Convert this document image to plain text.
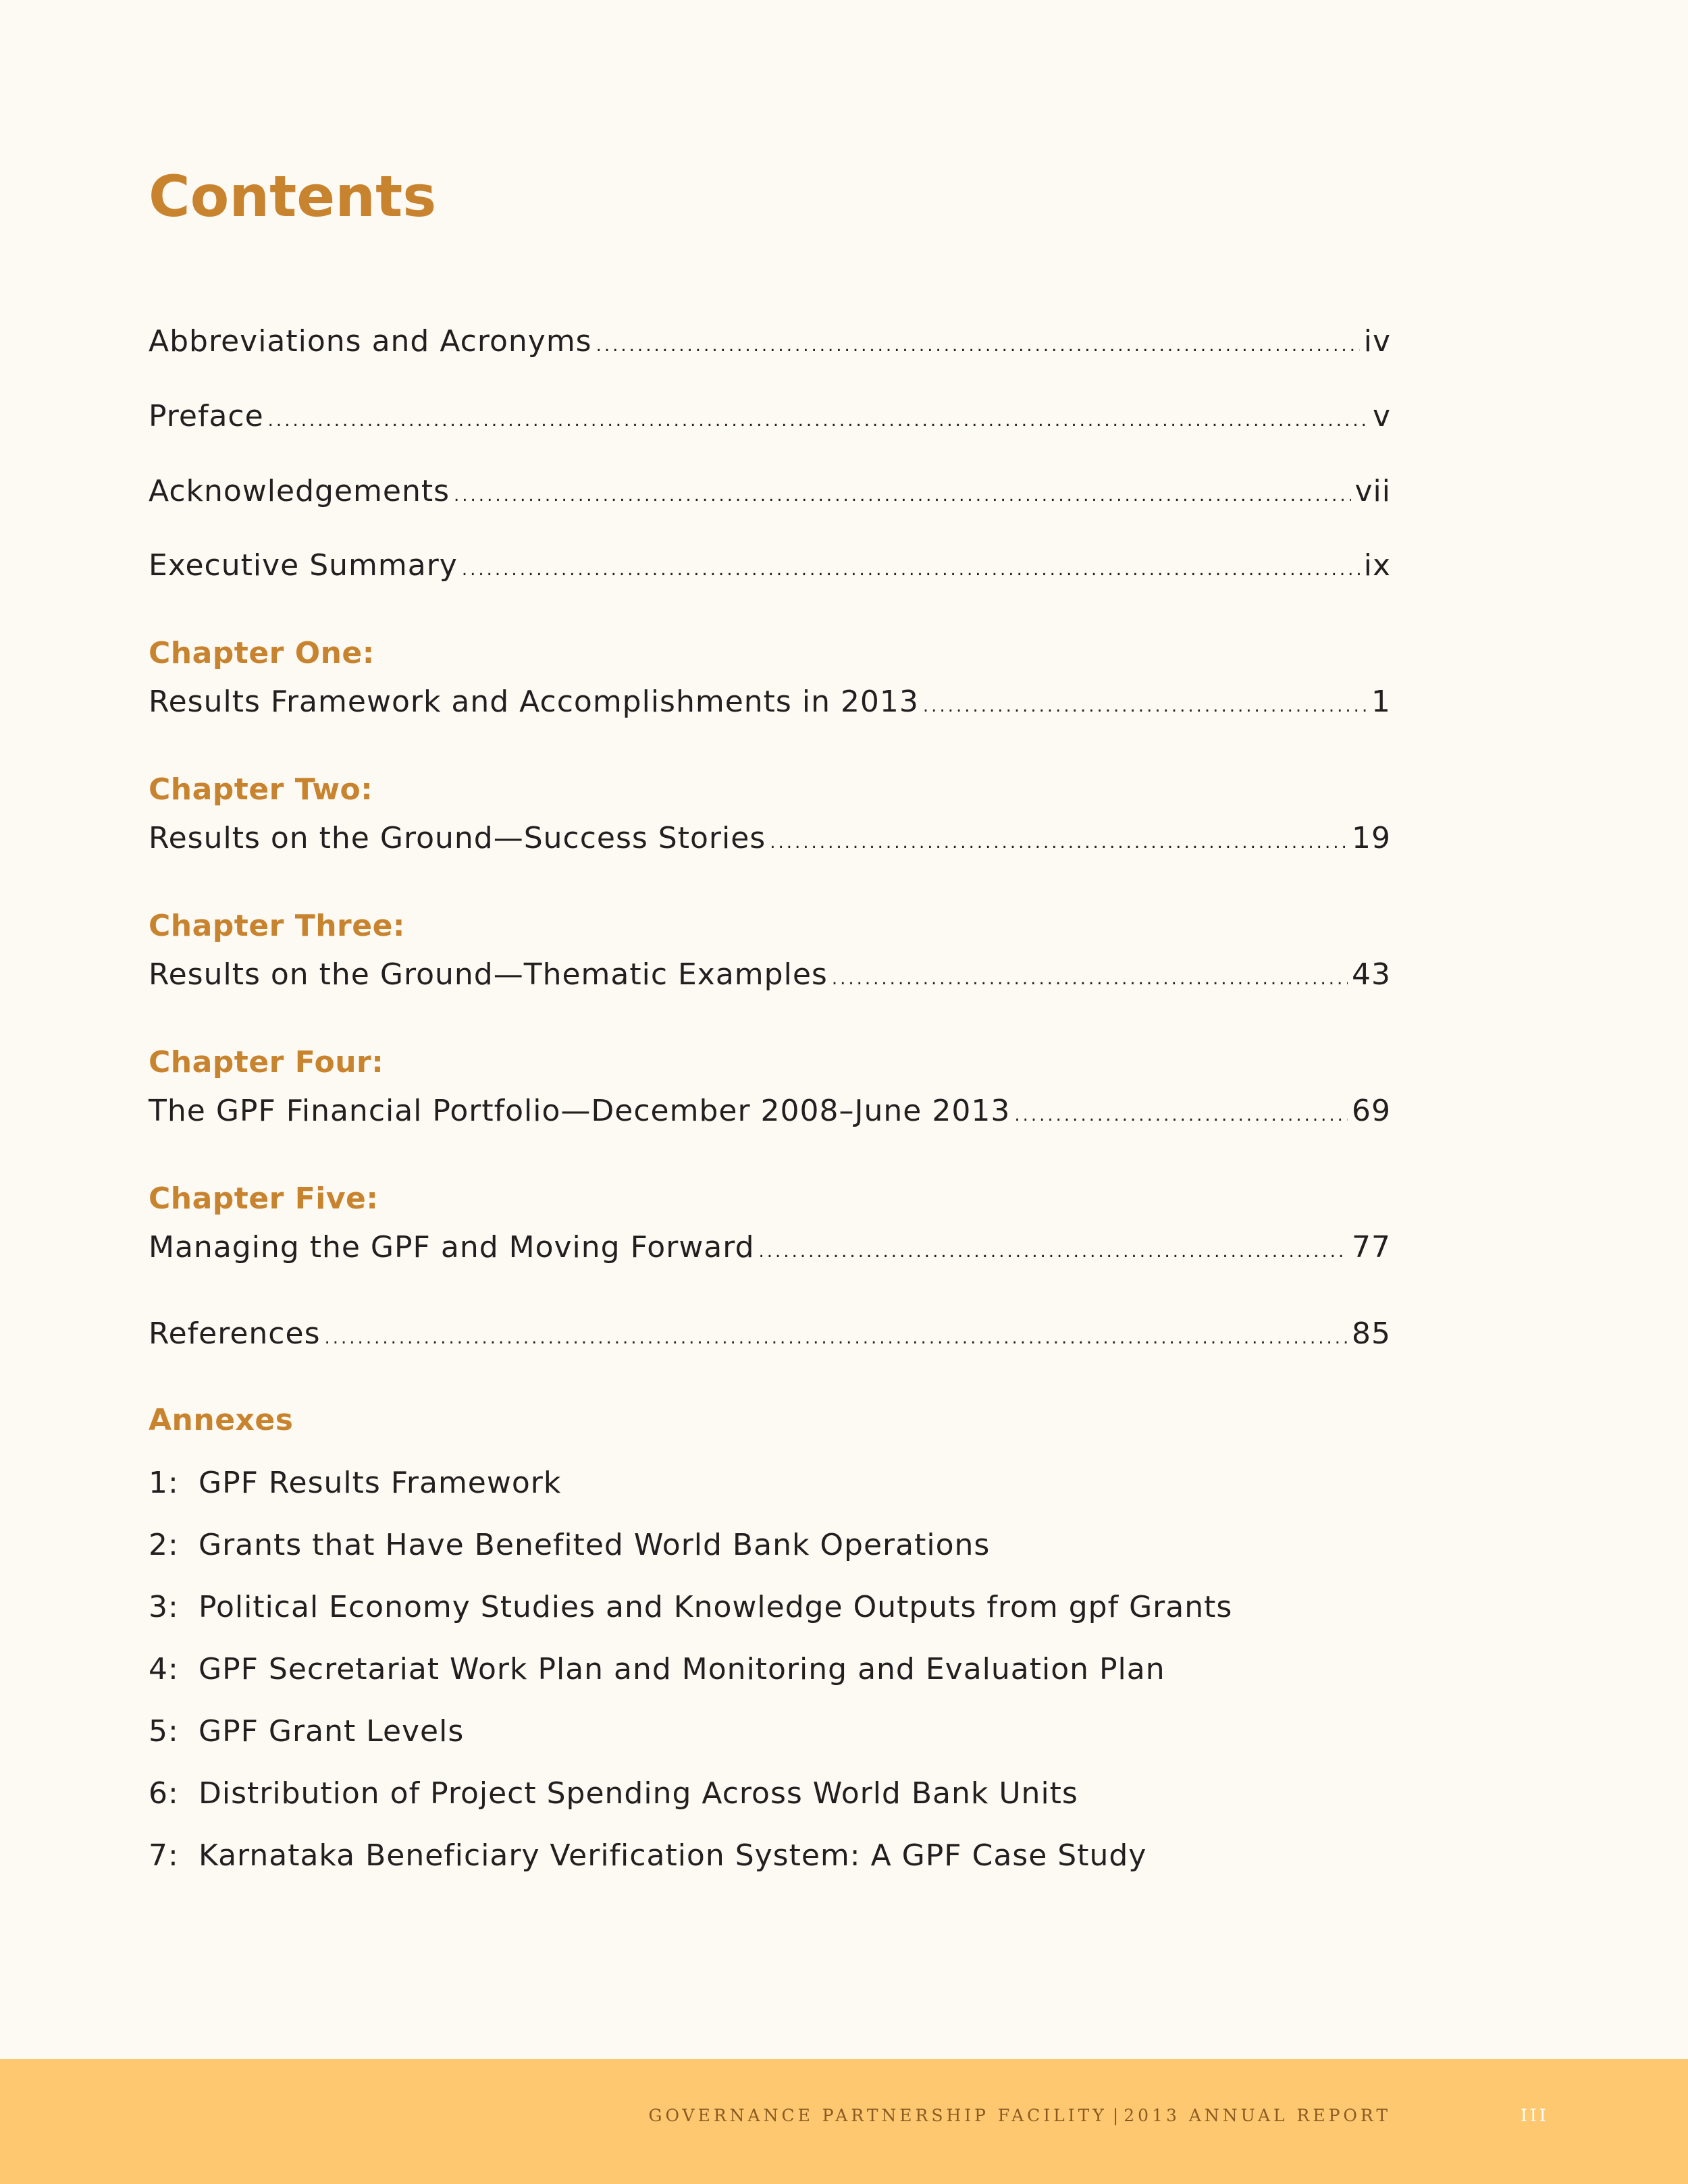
Contents
Abbreviations and Acronyms .....	iv
Preface .....	v
Acknowledgements .....	vii
Executive Summary .....	ix
Chapter One:
Results Framework and Accomplishments in 2013 .....	1
Chapter Two:
Results on the Ground—Success Stories .....	19
Chapter Three:
Results on the Ground—Thematic Examples .....	43
Chapter Four:
The GPF Financial Portfolio—December 2008–June 2013 .....	69
Chapter Five:
Managing the GPF and Moving Forward .....	77
References .....	85
Annexes
1: GPF Results Framework
2: Grants that Have Benefited World Bank Operations
3: Political Economy Studies and Knowledge Outputs from gpf Grants
4: GPF Secretariat Work Plan and Monitoring and Evaluation Plan
5: GPF Grant Levels
6: Distribution of Project Spending Across World Bank Units
7: Karnataka Beneficiary Verification System: A GPF Case Study
GOVERNANCE PARTNERSHIP FACILITY | 2013 ANNUAL REPORT	III
